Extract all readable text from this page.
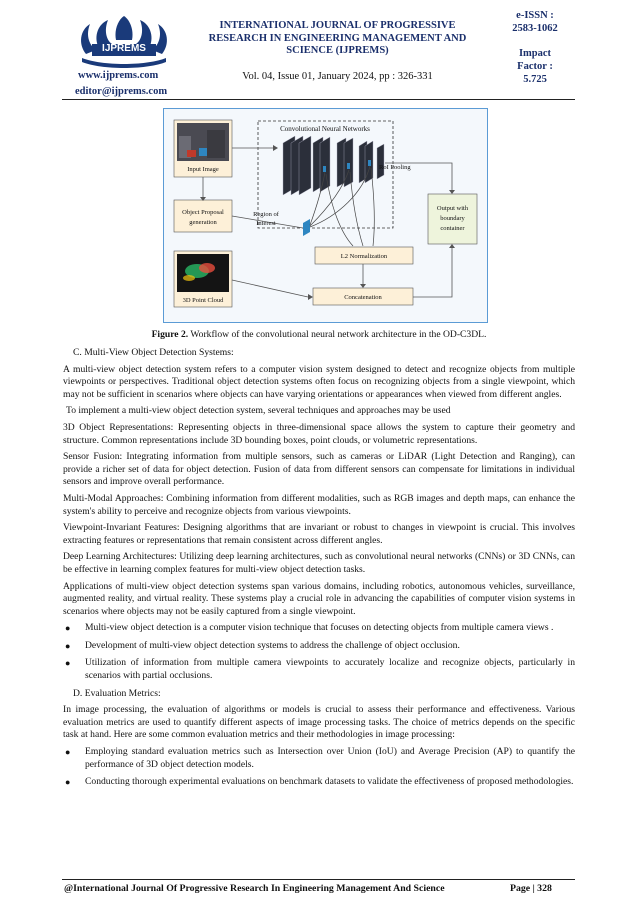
IJPREMS
www.ijprems.com
editor@ijprems.com
INTERNATIONAL JOURNAL OF PROGRESSIVE RESEARCH IN ENGINEERING MANAGEMENT AND SCIENCE (IJPREMS)
Vol. 04, Issue 01, January 2024, pp : 326-331
e-ISSN :
2583-1062
Impact
Factor :
5.725
Convolutional Neural Networks
Input Image	RoI Pooling
Object Proposal
generation
Region of
Interest
L2 Normalization
Output with
boundary
container
3D Point Cloud	Concatenation
Figure 2. Workflow of the convolutional neural network architecture in the OD-C3DL.

C. Multi-View Object Detection Systems:

A multi-view object detection system refers to a computer vision system designed to detect and recognize objects from multiple viewpoints or perspectives. Traditional object detection systems often focus on recognizing objects from a single viewpoint, which may not be sufficient in scenarios where objects can have varying orientations or appearances when viewed from different angles.

To implement a multi-view object detection system, several techniques and approaches may be used

3D Object Representations: Representing objects in three-dimensional space allows the system to capture their geometry and structure. Common representations include 3D bounding boxes, point clouds, or volumetric representations.

Sensor Fusion: Integrating information from multiple sensors, such as cameras or LiDAR (Light Detection and Ranging), can provide a richer set of data for object detection. Fusion of data from different sensors can compensate for limitations in individual sensors and improve overall performance.

Multi-Modal Approaches: Combining information from different modalities, such as RGB images and depth maps, can enhance the system's ability to perceive and recognize objects from various viewpoints.

Viewpoint-Invariant Features: Designing algorithms that are invariant or robust to changes in viewpoint is crucial. This involves extracting features or representations that remain consistent across different angles.

Deep Learning Architectures: Utilizing deep learning architectures, such as convolutional neural networks (CNNs) or 3D CNNs, can be effective in learning complex features for multi-view object detection tasks.

Applications of multi-view object detection systems span various domains, including robotics, autonomous vehicles, surveillance, augmented reality, and virtual reality. These systems play a crucial role in advancing the capabilities of computer vision systems in scenarios where objects may not be easily captured from a single viewpoint.

● Multi-view object detection is a computer vision technique that focuses on detecting objects from multiple camera views .
● Development of multi-view object detection systems to address the challenge of object occlusion.
● Utilization of information from multiple camera viewpoints to accurately localize and recognize objects, particularly in scenarios with partial occlusions.

D. Evaluation Metrics:

In image processing, the evaluation of algorithms or models is crucial to assess their performance and effectiveness. Various evaluation metrics are used to quantify different aspects of image processing tasks. The choice of metrics depends on the specific task at hand. Here are some common evaluation metrics and their methodologies in image processing:

● Employing standard evaluation metrics such as Intersection over Union (IoU) and Average Precision (AP) to quantify the performance of 3D object detection models.
● Conducting thorough experimental evaluations on benchmark datasets to validate the effectiveness of proposed methodologies.
@International Journal Of Progressive Research In Engineering Management And Science	Page | 328
